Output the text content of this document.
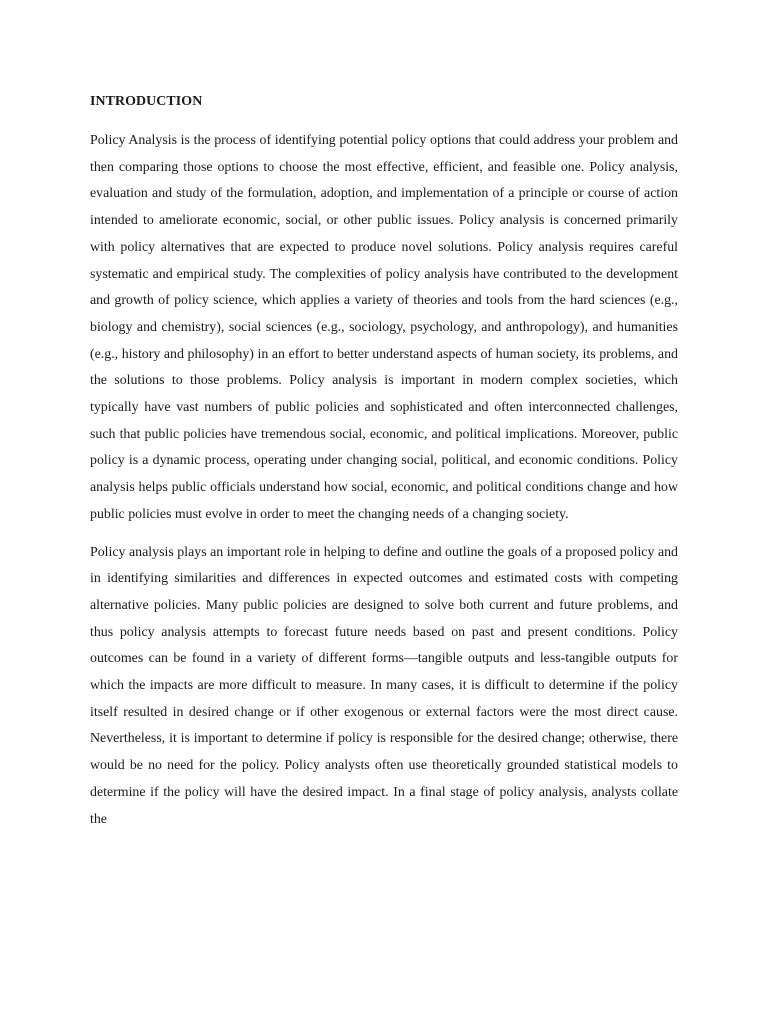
INTRODUCTION

Policy Analysis is the process of identifying potential policy options that could address your problem and then comparing those options to choose the most effective, efficient, and feasible one. Policy analysis, evaluation and study of the formulation, adoption, and implementation of a principle or course of action intended to ameliorate economic, social, or other public issues. Policy analysis is concerned primarily with policy alternatives that are expected to produce novel solutions. Policy analysis requires careful systematic and empirical study. The complexities of policy analysis have contributed to the development and growth of policy science, which applies a variety of theories and tools from the hard sciences (e.g., biology and chemistry), social sciences (e.g., sociology, psychology, and anthropology), and humanities (e.g., history and philosophy) in an effort to better understand aspects of human society, its problems, and the solutions to those problems. Policy analysis is important in modern complex societies, which typically have vast numbers of public policies and sophisticated and often interconnected challenges, such that public policies have tremendous social, economic, and political implications. Moreover, public policy is a dynamic process, operating under changing social, political, and economic conditions. Policy analysis helps public officials understand how social, economic, and political conditions change and how public policies must evolve in order to meet the changing needs of a changing society.

Policy analysis plays an important role in helping to define and outline the goals of a proposed policy and in identifying similarities and differences in expected outcomes and estimated costs with competing alternative policies. Many public policies are designed to solve both current and future problems, and thus policy analysis attempts to forecast future needs based on past and present conditions. Policy outcomes can be found in a variety of different forms—tangible outputs and less-tangible outputs for which the impacts are more difficult to measure. In many cases, it is difficult to determine if the policy itself resulted in desired change or if other exogenous or external factors were the most direct cause. Nevertheless, it is important to determine if policy is responsible for the desired change; otherwise, there would be no need for the policy. Policy analysts often use theoretically grounded statistical models to determine if the policy will have the desired impact. In a final stage of policy analysis, analysts collate the
